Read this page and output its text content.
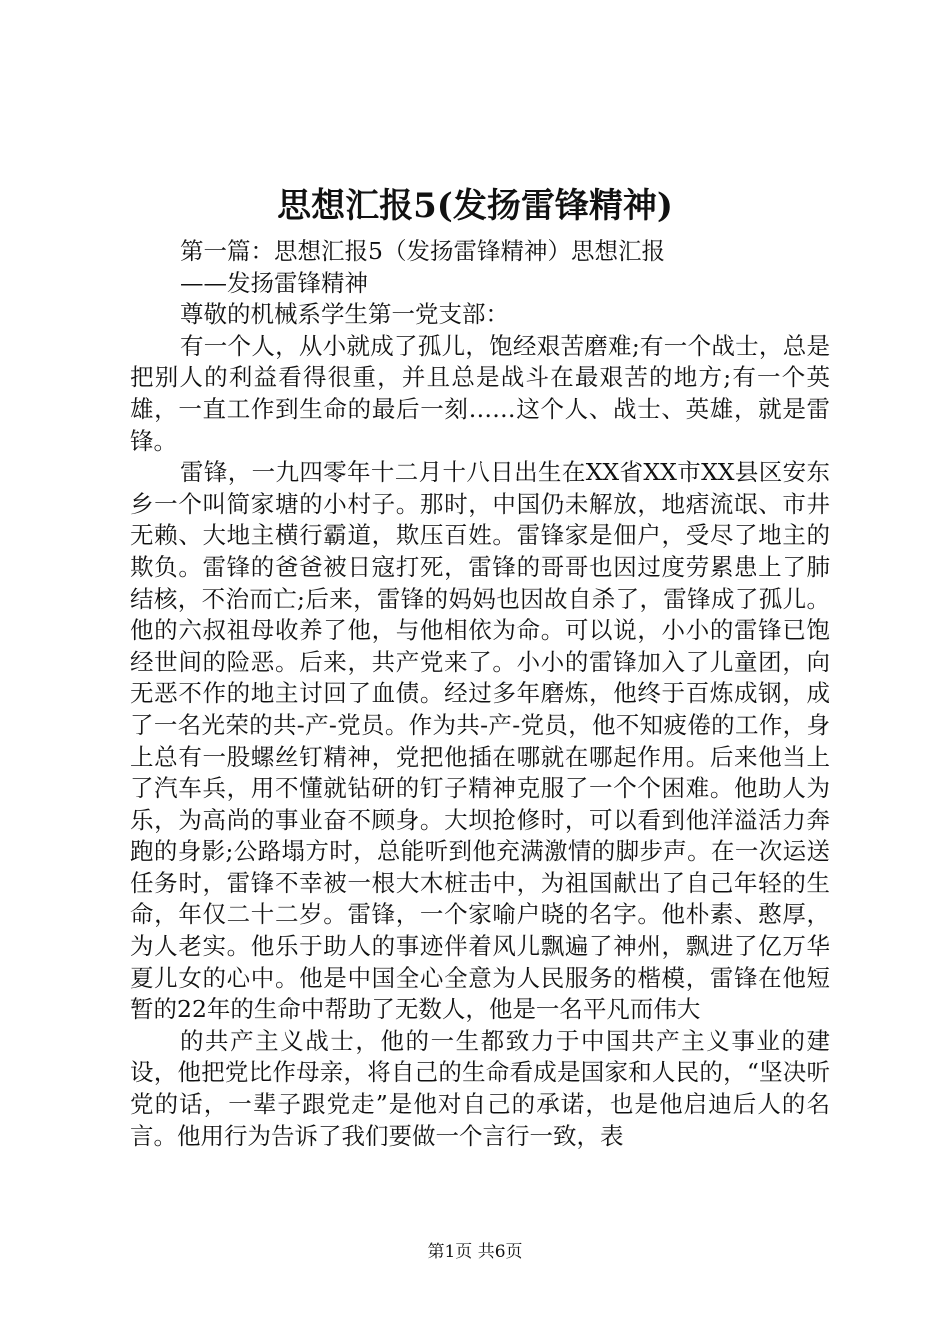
思想汇报5(发扬雷锋精神)

第一篇：思想汇报5（发扬雷锋精神）思想汇报

——发扬雷锋精神

尊敬的机械系学生第一党支部：

有一个人，从小就成了孤儿，饱经艰苦磨难;有一个战士，总是把别人的利益看得很重，并且总是战斗在最艰苦的地方;有一个英雄，一直工作到生命的最后一刻……这个人、战士、英雄，就是雷锋。

雷锋，一九四零年十二月十八日出生在XX省XX市XX县区安东乡一个叫简家塘的小村子。那时，中国仍未解放，地痞流氓、市井无赖、大地主横行霸道，欺压百姓。雷锋家是佃户，受尽了地主的欺负。雷锋的爸爸被日寇打死，雷锋的哥哥也因过度劳累患上了肺结核，不治而亡;后来，雷锋的妈妈也因故自杀了，雷锋成了孤儿。他的六叔祖母收养了他，与他相依为命。可以说，小小的雷锋已饱经世间的险恶。后来，共产党来了。小小的雷锋加入了儿童团，向无恶不作的地主讨回了血债。经过多年磨炼，他终于百炼成钢，成了一名光荣的共-产-党员。作为共-产-党员，他不知疲倦的工作，身上总有一股螺丝钉精神，党把他插在哪就在哪起作用。后来他当上了汽车兵，用不懂就钻研的钉子精神克服了一个个困难。他助人为乐，为高尚的事业奋不顾身。大坝抢修时，可以看到他洋溢活力奔跑的身影;公路塌方时，总能听到他充满激情的脚步声。在一次运送任务时，雷锋不幸被一根大木桩击中，为祖国献出了自己年轻的生命，年仅二十二岁。雷锋，一个家喻户晓的名字。他朴素、憨厚，为人老实。他乐于助人的事迹伴着风儿飘遍了神州，飘进了亿万华夏儿女的心中。他是中国全心全意为人民服务的楷模，雷锋在他短暂的22年的生命中帮助了无数人，他是一名平凡而伟大

的共产主义战士，他的一生都致力于中国共产主义事业的建设，他把党比作母亲，将自己的生命看成是国家和人民的，“坚决听党的话，一辈子跟党走”是他对自己的承诺，也是他启迪后人的名言。他用行为告诉了我们要做一个言行一致，表

第1页 共6页
